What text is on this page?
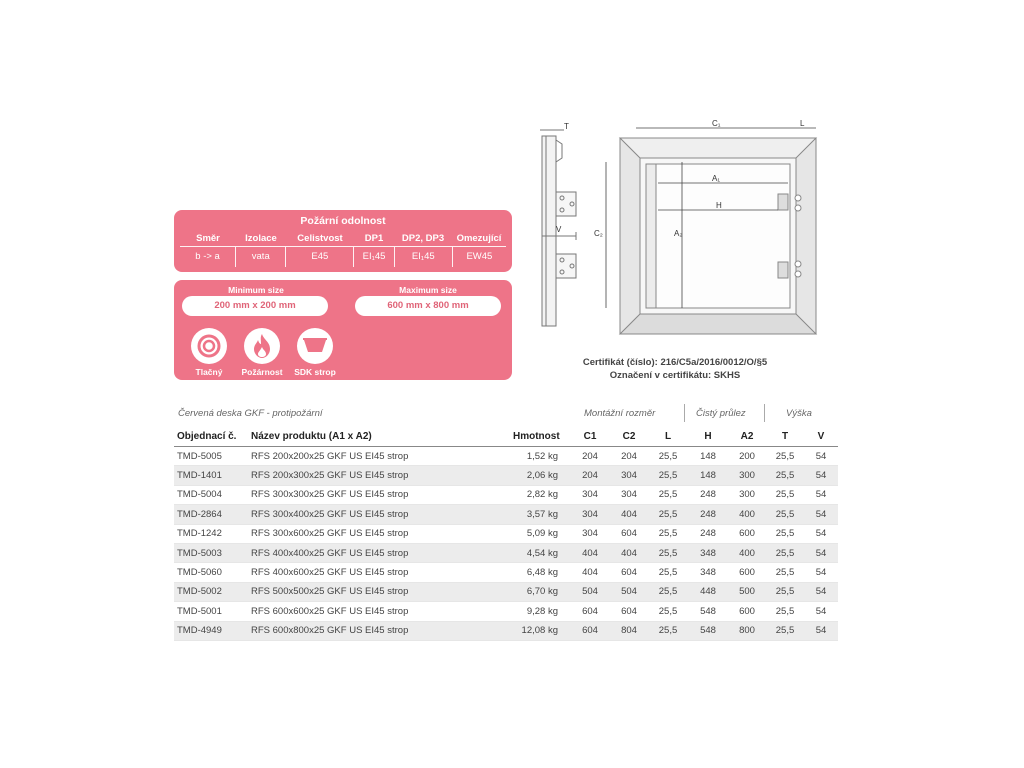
Požární odolnost
Směr	Izolace	Celistvost	DP1	DP2, DP3	Omezující
b -> a	vata	E45	EI₁45	EI₁45	EW45
Minimum size
200 mm x 200 mm
Maximum size
600 mm x 800 mm
Tlačný	Požárnost	SDK strop
T
V
C₁	L
A₁
H
C₂	A₂
Certifikát (číslo): 216/C5a/2016/0012/O/§5
Označení v certifikátu: SKHS
Červená deska GKF - protipožární	Montážní rozměr	Čistý průlez	Výška
Objednací č.	Název produktu (A1 x A2)	Hmotnost	C1	C2	L	H	A2	T	V
TMD-5005	RFS 200x200x25 GKF US EI45 strop	1,52 kg	204	204	25,5	148	200	25,5	54
TMD-1401	RFS 200x300x25 GKF US EI45 strop	2,06 kg	204	304	25,5	148	300	25,5	54
TMD-5004	RFS 300x300x25 GKF US EI45 strop	2,82 kg	304	304	25,5	248	300	25,5	54
TMD-2864	RFS 300x400x25 GKF US EI45 strop	3,57 kg	304	404	25,5	248	400	25,5	54
TMD-1242	RFS 300x600x25 GKF US EI45 strop	5,09 kg	304	604	25,5	248	600	25,5	54
TMD-5003	RFS 400x400x25 GKF US EI45 strop	4,54 kg	404	404	25,5	348	400	25,5	54
TMD-5060	RFS 400x600x25 GKF US EI45 strop	6,48 kg	404	604	25,5	348	600	25,5	54
TMD-5002	RFS 500x500x25 GKF US EI45 strop	6,70 kg	504	504	25,5	448	500	25,5	54
TMD-5001	RFS 600x600x25 GKF US EI45 strop	9,28 kg	604	604	25,5	548	600	25,5	54
TMD-4949	RFS 600x800x25 GKF US EI45 strop	12,08 kg	604	804	25,5	548	800	25,5	54
